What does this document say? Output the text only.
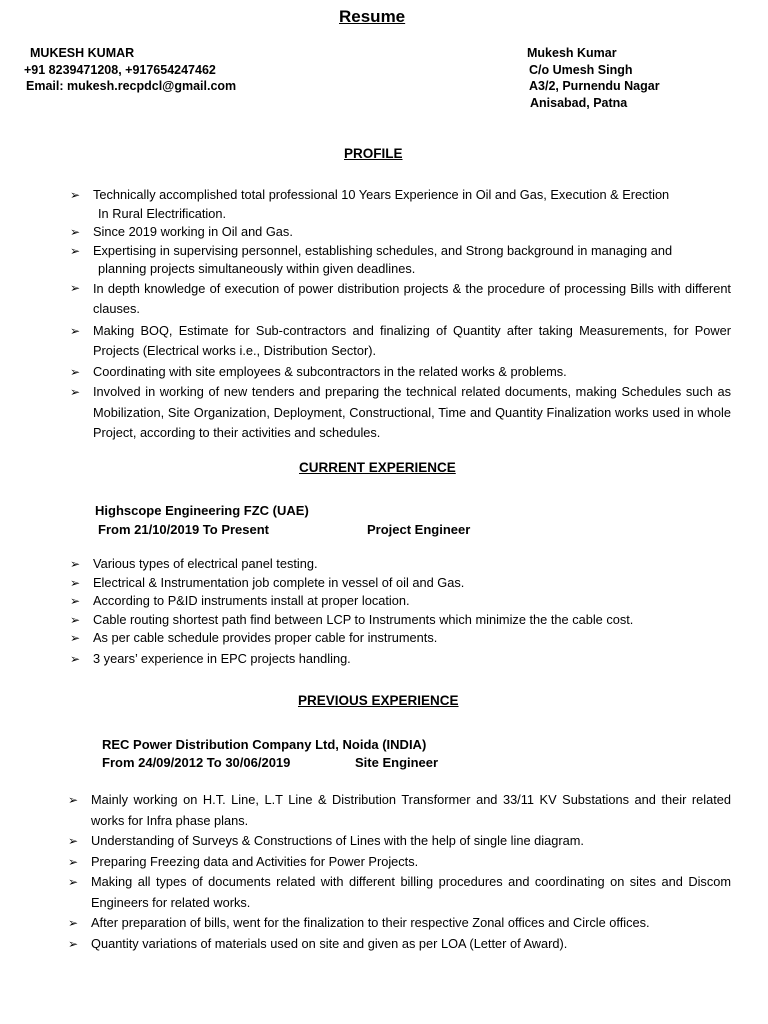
Resume
MUKESH KUMAR
+91 8239471208, +917654247462
Email: mukesh.recpdcl@gmail.com
Mukesh Kumar
C/o Umesh Singh
A3/2, Purnendu Nagar
Anisabad, Patna
PROFILE
➢ Technically accomplished total professional 10 Years Experience in Oil and Gas, Execution & Erection
In Rural Electrification.
➢ Since 2019 working in Oil and Gas.
➢ Expertising in supervising personnel, establishing schedules, and Strong background in managing and
planning projects simultaneously within given deadlines.
➢ In depth knowledge of execution of power distribution projects & the procedure of processing Bills with different clauses.
➢ Making BOQ, Estimate for Sub-contractors and finalizing of Quantity after taking Measurements, for Power Projects (Electrical works i.e., Distribution Sector).
➢ Coordinating with site employees & subcontractors in the related works & problems.
➢ Involved in working of new tenders and preparing the technical related documents, making Schedules such as Mobilization, Site Organization, Deployment, Constructional, Time and Quantity Finalization works used in whole Project, according to their activities and schedules.
CURRENT EXPERIENCE
Highscope Engineering FZC (UAE)
From 21/10/2019 To Present	Project Engineer
➢ Various types of electrical panel testing.
➢ Electrical & Instrumentation job complete in vessel of oil and Gas.
➢ According to P&ID instruments install at proper location.
➢ Cable routing shortest path find between LCP to Instruments which minimize the the cable cost.
➢ As per cable schedule provides proper cable for instruments.
➢ 3 years’ experience in EPC projects handling.
PREVIOUS EXPERIENCE
REC Power Distribution Company Ltd, Noida (INDIA)
From 24/09/2012 To 30/06/2019	Site Engineer
➢ Mainly working on H.T. Line, L.T Line & Distribution Transformer and 33/11 KV Substations and their related works for Infra phase plans.
➢ Understanding of Surveys & Constructions of Lines with the help of single line diagram.
➢ Preparing Freezing data and Activities for Power Projects.
➢ Making all types of documents related with different billing procedures and coordinating on sites and Discom Engineers for related works.
➢ After preparation of bills, went for the finalization to their respective Zonal offices and Circle offices.
➢ Quantity variations of materials used on site and given as per LOA (Letter of Award).
